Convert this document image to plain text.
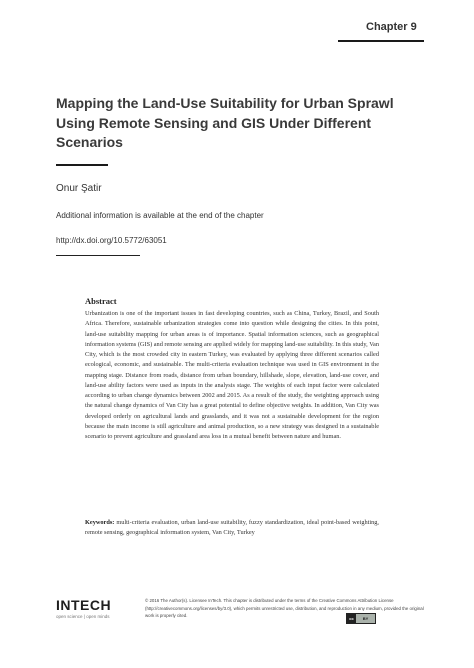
Chapter 9
Mapping the Land-Use Suitability for Urban Sprawl Using Remote Sensing and GIS Under Different Scenarios
Onur Şatir
Additional information is available at the end of the chapter
http://dx.doi.org/10.5772/63051
Abstract
Urbanization is one of the important issues in fast developing countries, such as China, Turkey, Brazil, and South Africa. Therefore, sustainable urbanization strategies come into question while designing the cities. In this point, land-use suitability mapping for urban areas is of importance. Spatial information sciences, such as geographical information systems (GIS) and remote sensing are applied widely for mapping land-use suitability. In this study, Van City, which is the most crowded city in eastern Turkey, was evaluated by applying three different scenarios called ecological, economic, and sustainable. The multi-criteria evaluation technique was used in GIS environment in the mapping stage. Distance from roads, distance from urban boundary, hillshade, slope, elevation, land-use cover, and land-use ability factors were used as inputs in the analysis stage. The weights of each input factor were calculated according to urban change dynamics between 2002 and 2015. As a result of the study, the weighting approach using the natural change dynamics of Van City has a great potential to define objective weights. In addition, Van City was developed orderly on agricultural lands and grasslands, and it was not a sustainable development for the region because the main income is still agriculture and animal production, so a new strategy was designed in a sustainable scenario to prevent agriculture and grassland area loss in a mutual benefit between nature and human.
Keywords: multi-criteria evaluation, urban land-use suitability, fuzzy standardization, ideal point-based weighting, remote sensing, geographical information system, Van City, Turkey
INTECH
open science | open minds
© 2016 The Author(s). Licensee InTech. This chapter is distributed under the terms of the Creative Commons Attribution License (http://creativecommons.org/licenses/by/3.0), which permits unrestricted use, distribution, and reproduction in any medium, provided the original work is properly cited.
cc	BY
